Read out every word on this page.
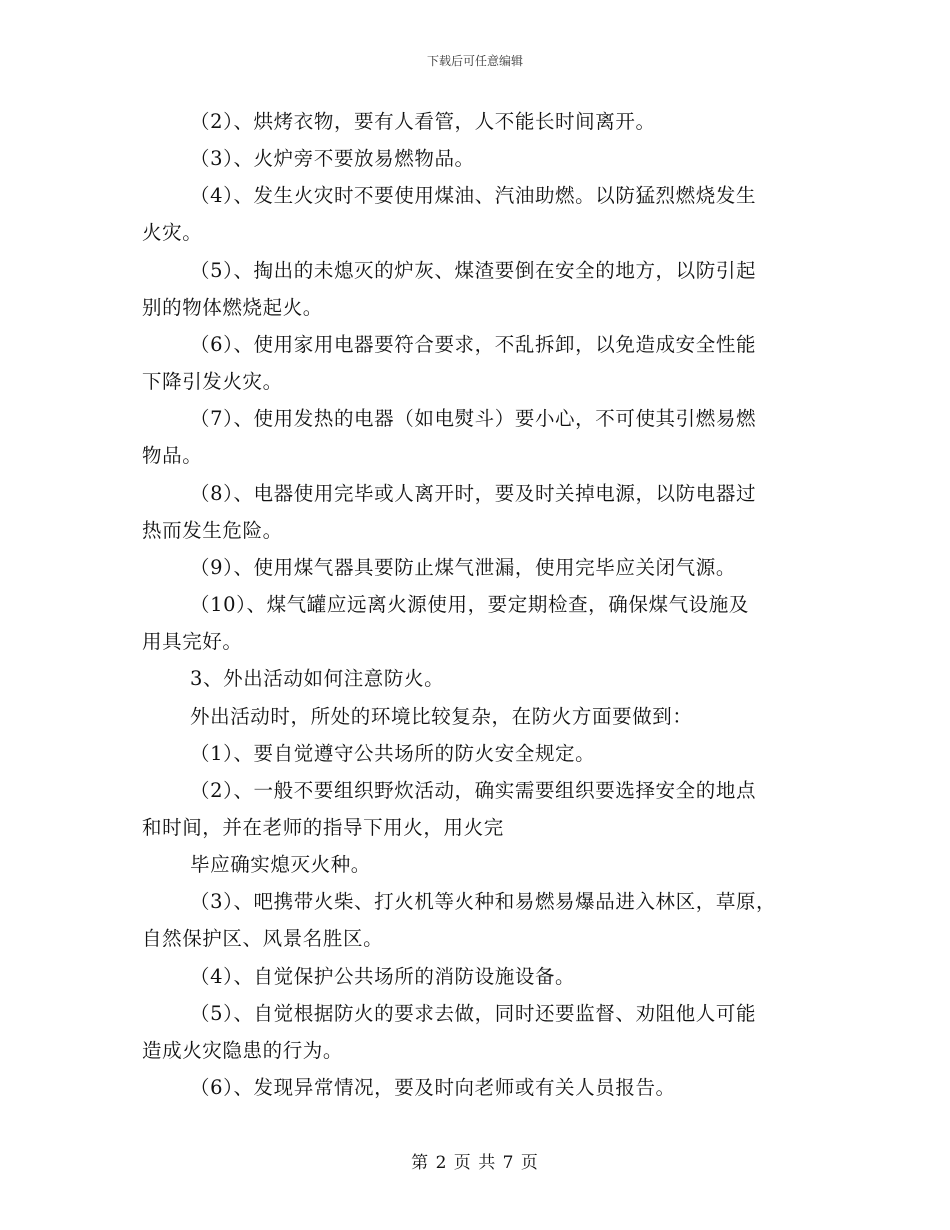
下载后可任意编辑
（2）、烘烤衣物，要有人看管，人不能长时间离开。
（3）、火炉旁不要放易燃物品。
（4）、发生火灾时不要使用煤油、汽油助燃。以防猛烈燃烧发生
火灾。
（5）、掏出的未熄灭的炉灰、煤渣要倒在安全的地方，以防引起
别的物体燃烧起火。
（6）、使用家用电器要符合要求，不乱拆卸，以免造成安全性能
下降引发火灾。
（7）、使用发热的电器（如电熨斗）要小心，不可使其引燃易燃
物品。
（8）、电器使用完毕或人离开时，要及时关掉电源，以防电器过
热而发生危险。
（9）、使用煤气器具要防止煤气泄漏，使用完毕应关闭气源。
（10）、煤气罐应远离火源使用，要定期检查，确保煤气设施及
用具完好。
3、外出活动如何注意防火。
外出活动时，所处的环境比较复杂，在防火方面要做到：
（1）、要自觉遵守公共场所的防火安全规定。
（2）、一般不要组织野炊活动，确实需要组织要选择安全的地点
和时间，并在老师的指导下用火，用火完
毕应确实熄灭火种。
（3）、吧携带火柴、打火机等火种和易燃易爆品进入林区，草原，
自然保护区、风景名胜区。
（4）、自觉保护公共场所的消防设施设备。
（5）、自觉根据防火的要求去做，同时还要监督、劝阻他人可能
造成火灾隐患的行为。
（6）、发现异常情况，要及时向老师或有关人员报告。
第 2 页 共 7 页
